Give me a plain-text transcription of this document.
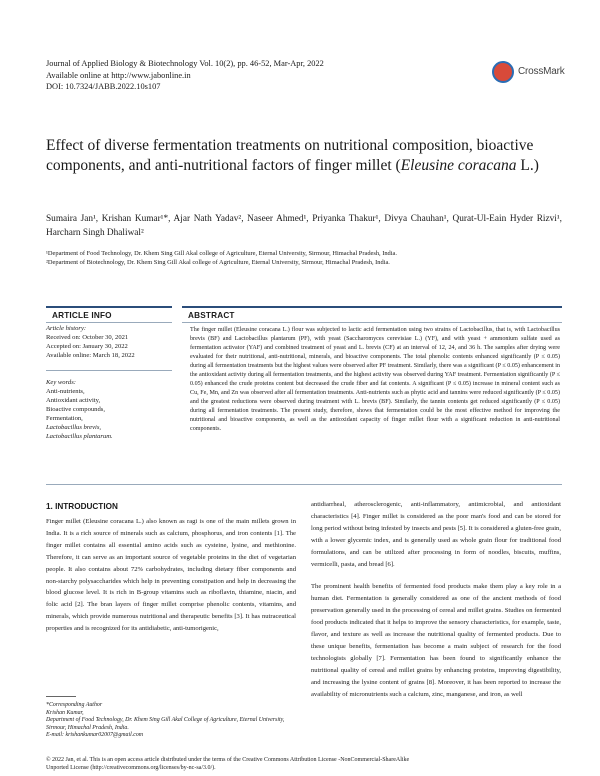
Journal of Applied Biology & Biotechnology Vol. 10(2), pp. 46-52, Mar-Apr, 2022
Available online at http://www.jabonline.in
DOI: 10.7324/JABB.2022.10s107
CrossMark
Effect of diverse fermentation treatments on nutritional composition, bioactive components, and anti-nutritional factors of finger millet (Eleusine coracana L.)
Sumaira Jan¹, Krishan Kumar¹*, Ajar Nath Yadav², Naseer Ahmed¹, Priyanka Thakur¹, Divya Chauhan¹, Qurat-Ul-Eain Hyder Rizvi¹, Harcharn Singh Dhaliwal²
¹Department of Food Technology, Dr. Khem Sing Gill Akal college of Agriculture, Eternal University, Sirmour, Himachal Pradesh, India.
²Department of Biotechnology, Dr. Khem Sing Gill Akal college of Agriculture, Eternal University, Sirmour, Himachal Pradesh, India.
ARTICLE INFO	ABSTRACT
Article history:
Received on: October 30, 2021
Accepted on: January 30, 2022
Available online: March 18, 2022
Key words:
Anti-nutrients,
Antioxidant activity,
Bioactive compounds,
Fermentation,
Lactobacillus brevis,
Lactobacillus plantarum.
The finger millet (Eleusine coracana L.) flour was subjected to lactic acid fermentation using two strains of Lactobacillus, that is, with Lactobacillus brevis (BF) and Lactobacillus plantarum (PF), with yeast (Saccharomyces cerevisiae L.) (YF), and with yeast + ammonium sulfate used as fermentation activator (YAF) and combined treatment of yeast and L. brevis (CF) at an interval of 12, 24, and 36 h. The samples after drying were evaluated for their nutritional, anti-nutritional, minerals, and bioactive components. The total phenolic contents enhanced significantly (P ≤ 0.05) during all fermentation treatments but the highest values were observed after PF treatment. Similarly, there was a significant (P ≤ 0.05) enhancement in the antioxidant activity during all fermentation treatments, and the highest activity was observed during YAF treatment. Fermentation significantly (P ≤ 0.05) enhanced the crude proteins content but decreased the crude fiber and fat contents. A significant (P ≤ 0.05) increase in mineral content such as Cu, Fe, Mn, and Zn was observed after all fermentation treatments. Anti-nutrients such as phytic acid and tannins were reduced significantly (P ≤ 0.05) and the greatest reductions were observed during treatment with L. brevis (BF). Similarly, the tannin contents get reduced significantly (P ≤ 0.05) during all fermentation treatments. The present study, therefore, shows that fermentation could be the most effective method for improving the nutritional and bioactive components, as well as the antioxidant capacity of finger millet flour with a significant reduction in anti-nutritional components.
1. INTRODUCTION

Finger millet (Eleusine coracana L.) also known as ragi is one of the main millets grown in India. It is a rich source of minerals such as calcium, phosphorus, and iron contents [1]. The finger millet contains all essential amino acids such as cysteine, lysine, and methionine. Therefore, it can serve as an important source of vegetable proteins in the diet of vegetarian people. It also contains about 72% carbohydrates, including dietary fiber components and non-starchy polysaccharides which help in preventing constipation and help in decreasing the blood glucose level. It is rich in B-group vitamins such as riboflavin, thiamine, niacin, and folic acid [2]. The bran layers of finger millet comprise phenolic contents, vitamins, and minerals, which provide numerous nutritional and therapeutic benefits [3]. It has nutraceutical properties and is recognized for its antidiabetic, anti-tumorigenic,

antidiarrheal, atherosclerogenic, anti-inflammatory, antimicrobial, and antioxidant characteristics [4]. Finger millet is considered as the poor man's food and can be stored for long period without being infested by insects and pests [5]. It is considered a gluten-free grain, with a lower glycemic index, and is generally used as whole grain flour for traditional food formulations, and can be utilized after processing in form of noodles, biscuits, muffins, vermicelli, pasta, and bread [6].

The prominent health benefits of fermented food products make them play a key role in a human diet. Fermentation is generally considered as one of the ancient methods of food preservation generally used in the processing of cereal and millet grains. Studies on fermented food products indicated that it helps to improve the sensory characteristics, for example, taste, flavor, and texture as well as increase the nutritional quality of fermented products. Due to these unique benefits, fermentation has become a main subject of research for the food technologists globally [7]. Fermentation has been found to significantly enhance the nutritional quality of cereal and millet grains by enhancing proteins, improving digestibility, and increasing the lysine content of grains [8]. Moreover, it has been reported to increase the availability of micronutrients such a calcium, zinc, manganese, and iron, as well

*Corresponding Author
Krishan Kumar,
Department of Food Technology, Dr. Khem Sing Gill Akal College of Agriculture, Eternal University, Sirmour, Himachal Pradesh, India.
E-mail: krishankumar02007@gmail.com
© 2022 Jan, et al. This is an open access article distributed under the terms of the Creative Commons Attribution License -NonCommercial-ShareAlike
Unported License (http://creativecommons.org/licenses/by-nc-sa/3.0/).
